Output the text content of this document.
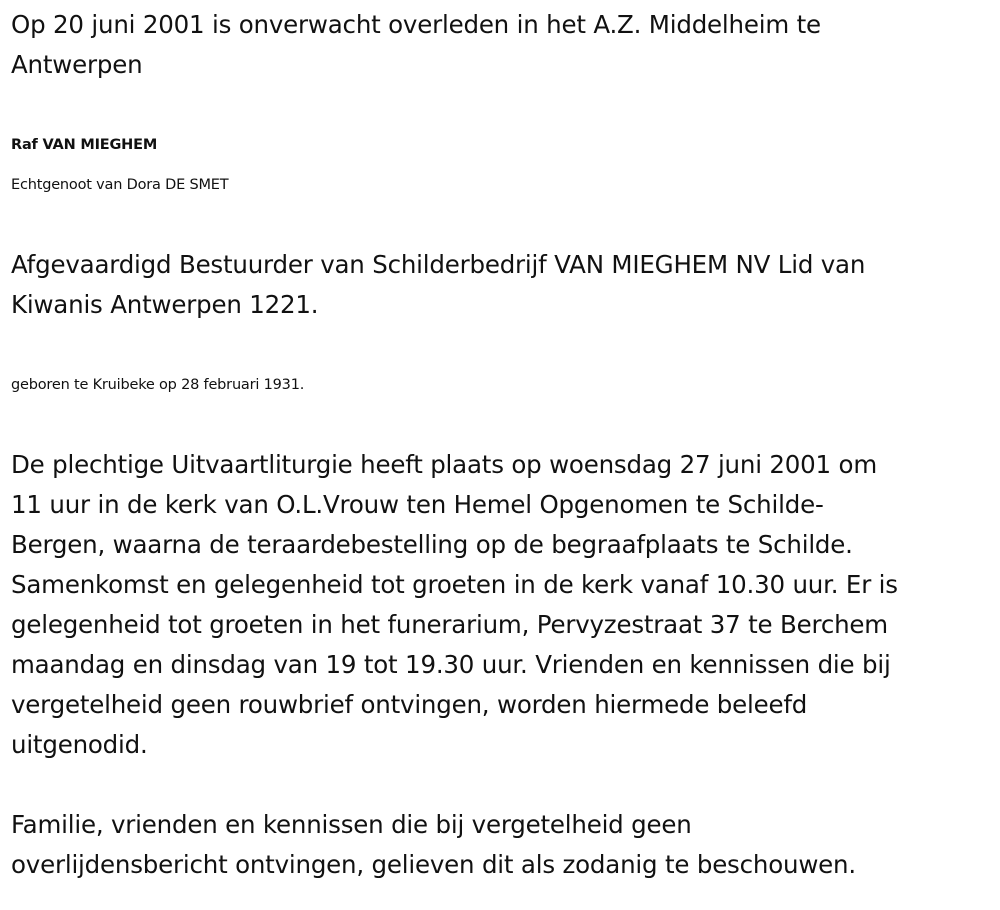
Op 20 juni 2001 is onverwacht overleden in het A.Z. Middelheim te
Antwerpen

Raf VAN MIEGHEM

Echtgenoot van Dora DE SMET

Afgevaardigd Bestuurder van Schilderbedrijf VAN MIEGHEM NV Lid van
Kiwanis Antwerpen 1221.

geboren te Kruibeke op 28 februari 1931.

De plechtige Uitvaartliturgie heeft plaats op woensdag 27 juni 2001 om
11 uur in de kerk van O.L.Vrouw ten Hemel Opgenomen te Schilde-
Bergen, waarna de teraardebestelling op de begraafplaats te Schilde.
Samenkomst en gelegenheid tot groeten in de kerk vanaf 10.30 uur. Er is
gelegenheid tot groeten in het funerarium, Pervyzestraat 37 te Berchem
maandag en dinsdag van 19 tot 19.30 uur. Vrienden en kennissen die bij
vergetelheid geen rouwbrief ontvingen, worden hiermede beleefd
uitgenodid.

Familie, vrienden en kennissen die bij vergetelheid geen
overlijdensbericht ontvingen, gelieven dit als zodanig te beschouwen.
